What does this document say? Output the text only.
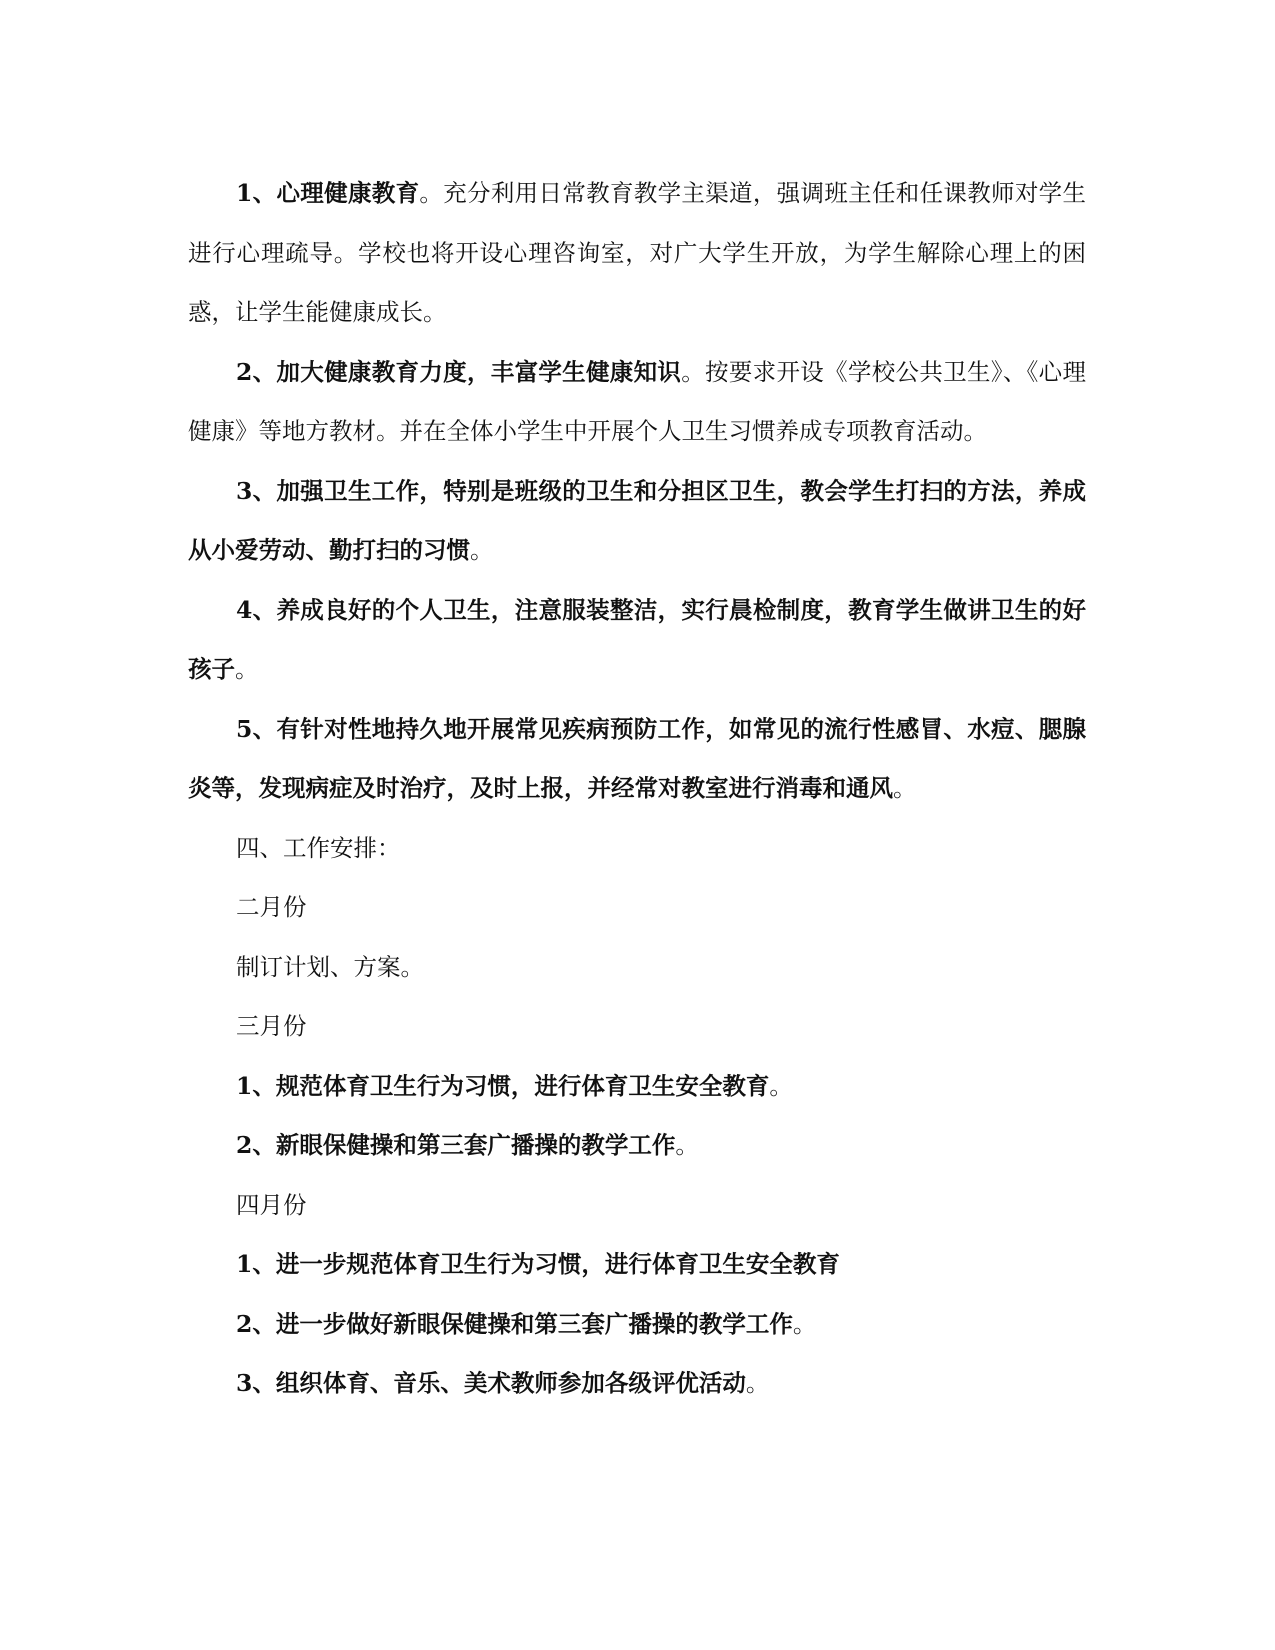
1、心理健康教育。充分利用日常教育教学主渠道，强调班主任和任课教师对学生进行心理疏导。学校也将开设心理咨询室，对广大学生开放，为学生解除心理上的困惑，让学生能健康成长。

2、加大健康教育力度，丰富学生健康知识。按要求开设《学校公共卫生》、《心理健康》等地方教材。并在全体小学生中开展个人卫生习惯养成专项教育活动。

3、加强卫生工作，特别是班级的卫生和分担区卫生，教会学生打扫的方法，养成从小爱劳动、勤打扫的习惯。

4、养成良好的个人卫生，注意服装整洁，实行晨检制度，教育学生做讲卫生的好孩子。

5、有针对性地持久地开展常见疾病预防工作，如常见的流行性感冒、水痘、腮腺炎等，发现病症及时治疗，及时上报，并经常对教室进行消毒和通风。

四、工作安排：

二月份

制订计划、方案。

三月份

1、规范体育卫生行为习惯，进行体育卫生安全教育。

2、新眼保健操和第三套广播操的教学工作。

四月份

1、进一步规范体育卫生行为习惯，进行体育卫生安全教育

2、进一步做好新眼保健操和第三套广播操的教学工作。

3、组织体育、音乐、美术教师参加各级评优活动。
